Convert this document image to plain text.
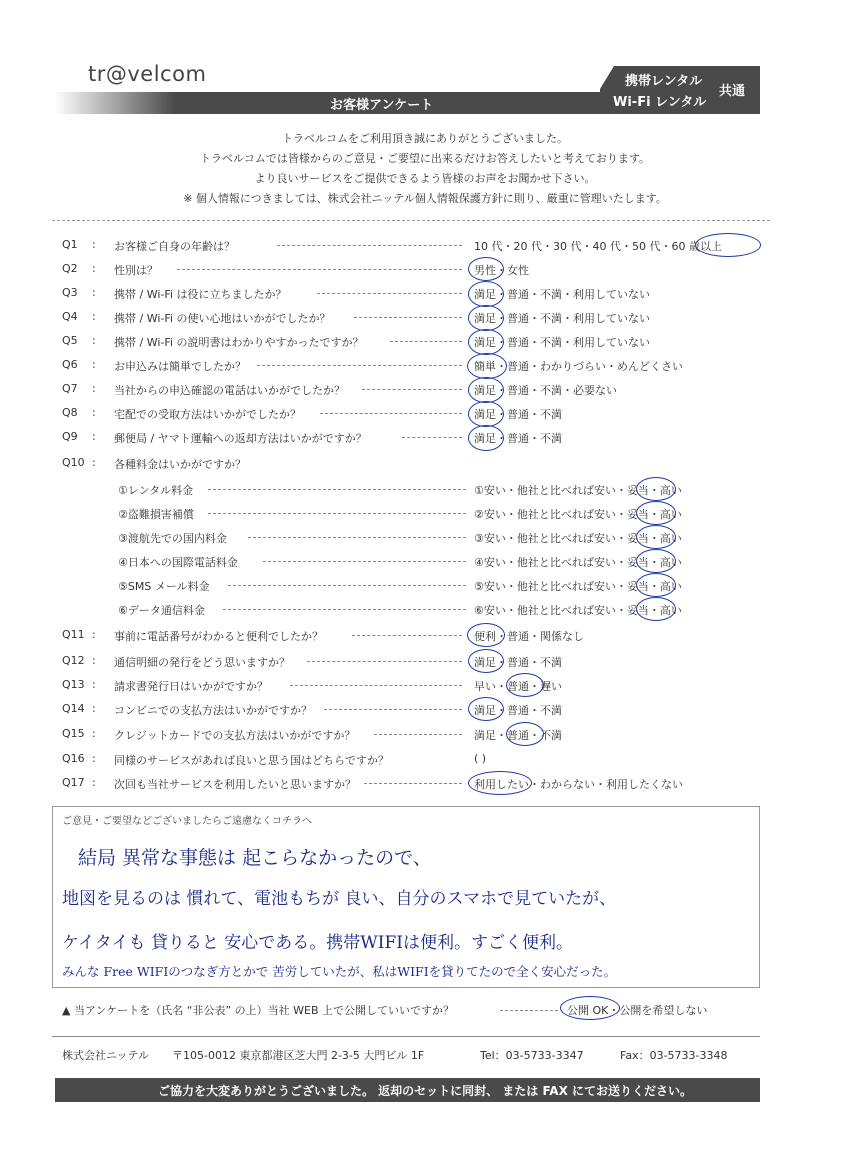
tr@velcom
お客様アンケート
携帯レンタル
Wi-Fi レンタル
共通
トラベルコムをご利用頂き誠にありがとうございました。
トラベルコムでは皆様からのご意見・ご要望に出来るだけお答えしたいと考えております。
より良いサービスをご提供できるよう皆様のお声をお聞かせ下さい。
※ 個人情報につきましては、株式会社ニッテル個人情報保護方針に則り、厳重に管理いたします。
Q1 : お客様ご自身の年齢は？	10 代・20 代・30 代・40 代・50 代・60 歳以上
Q2 : 性別は？	男性・女性
Q3 : 携帯 / Wi-Fi は役に立ちましたか？	満足・普通・不満・利用していない
Q4 : 携帯 / Wi-Fi の使い心地はいかがでしたか？	満足・普通・不満・利用していない
Q5 : 携帯 / Wi-Fi の説明書はわかりやすかったですか？	満足・普通・不満・利用していない
Q6 : お申込みは簡単でしたか？	簡単・普通・わかりづらい・めんどくさい
Q7 : 当社からの申込確認の電話はいかがでしたか？	満足・普通・不満・必要ない
Q8 : 宅配での受取方法はいかがでしたか？	満足・普通・不満
Q9 : 郵便局 / ヤマト運輸への返却方法はいかがですか？	満足・普通・不満
Q10 : 各種料金はいかがですか？
①レンタル料金	①安い・他社と比べれば安い・妥当・高い
②盗難損害補償	②安い・他社と比べれば安い・妥当・高い
③渡航先での国内料金	③安い・他社と比べれば安い・妥当・高い
④日本への国際電話料金	④安い・他社と比べれば安い・妥当・高い
⑤SMS メール料金	⑤安い・他社と比べれば安い・妥当・高い
⑥データ通信料金	⑥安い・他社と比べれば安い・妥当・高い
Q11 : 事前に電話番号がわかると便利でしたか？	便利・普通・関係なし
Q12 : 通信明細の発行をどう思いますか？	満足・普通・不満
Q13 : 請求書発行日はいかがですか？	早い・普通・遅い
Q14 : コンビニでの支払方法はいかがですか？	満足・普通・不満
Q15 : クレジットカードでの支払方法はいかがですか？	満足・普通・不満
Q16 : 同様のサービスがあれば良いと思う国はどちらですか？	( )
Q17 : 次回も当社サービスを利用したいと思いますか？	利用したい・わからない・利用したくない
ご意見・ご要望などございましたらご遠慮なくコチラへ
結局 異常な事態は 起こらなかったので、
地図を見るのは 慣れて、電池もちが 良い、自分のスマホで見ていたが、
ケイタイも 貸りると 安心である。携帯WIFIは便利。すごく便利。
みんな Free WIFIのつなぎ方とかで 苦労していたが、私はWIFIを貸りてたので全く安心だった。
▲ 当アンケートを（氏名 “非公表” の上）当社 WEB 上で公開していいですか？	公開 OK・公開を希望しない
株式会社ニッテル 〒105-0012 東京都港区芝大門 2-3-5 大門ビル 1F	Tel：03-5733-3347	Fax：03-5733-3348
ご協力を大変ありがとうございました。 返却のセットに同封、 または FAX にてお送りください。
